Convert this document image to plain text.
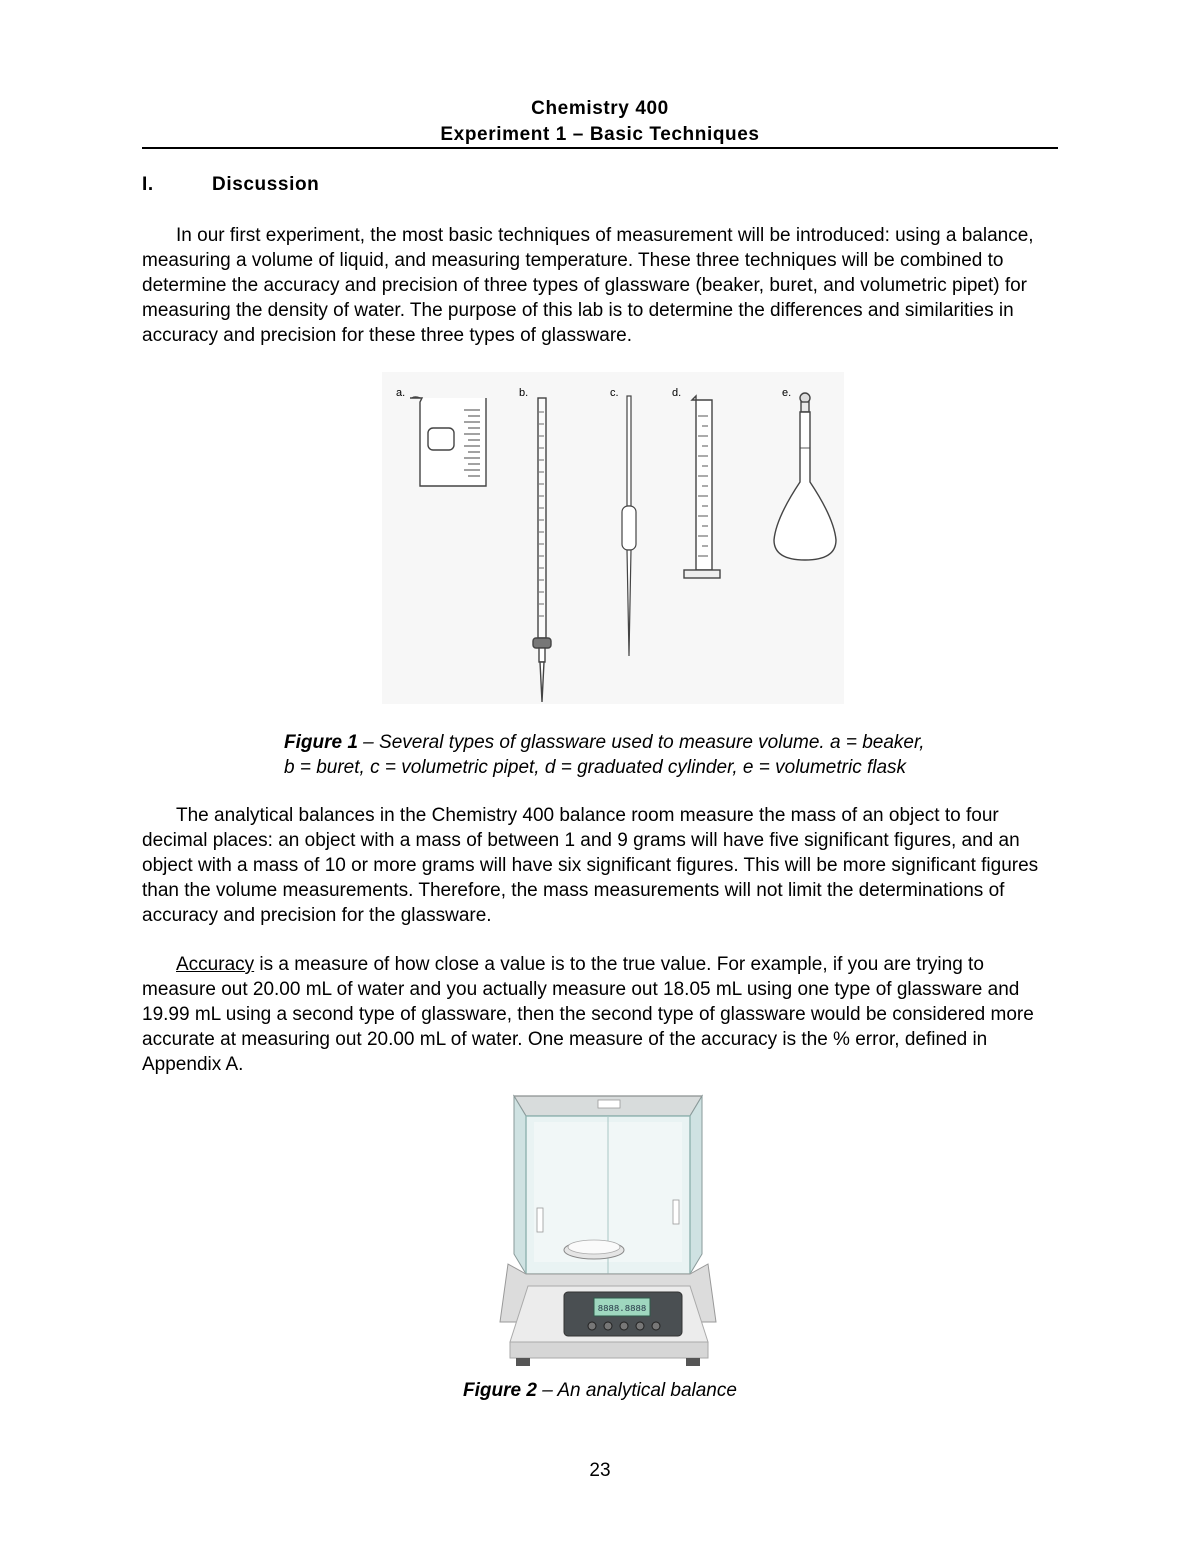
Chemistry 400
Experiment 1 – Basic Techniques
I.	Discussion
In our first experiment, the most basic techniques of measurement will be introduced: using a balance, measuring a volume of liquid, and measuring temperature. These three techniques will be combined to determine the accuracy and precision of three types of glassware (beaker, buret, and volumetric pipet) for measuring the density of water. The purpose of this lab is to determine the differences and similarities in accuracy and precision for these three types of glassware.
a.	b.	c.	d.	e.
Figure 1 – Several types of glassware used to measure volume. a = beaker,
b = buret, c = volumetric pipet, d = graduated cylinder, e = volumetric flask
The analytical balances in the Chemistry 400 balance room measure the mass of an object to four decimal places: an object with a mass of between 1 and 9 grams will have five significant figures, and an object with a mass of 10 or more grams will have six significant figures. This will be more significant figures than the volume measurements. Therefore, the mass measurements will not limit the determinations of accuracy and precision for the glassware.
Accuracy is a measure of how close a value is to the true value. For example, if you are trying to measure out 20.00 mL of water and you actually measure out 18.05 mL using one type of glassware and 19.99 mL using a second type of glassware, then the second type of glassware would be considered more accurate at measuring out 20.00 mL of water. One measure of the accuracy is the % error, defined in Appendix A.
8888.8888
Figure 2 – An analytical balance
23
